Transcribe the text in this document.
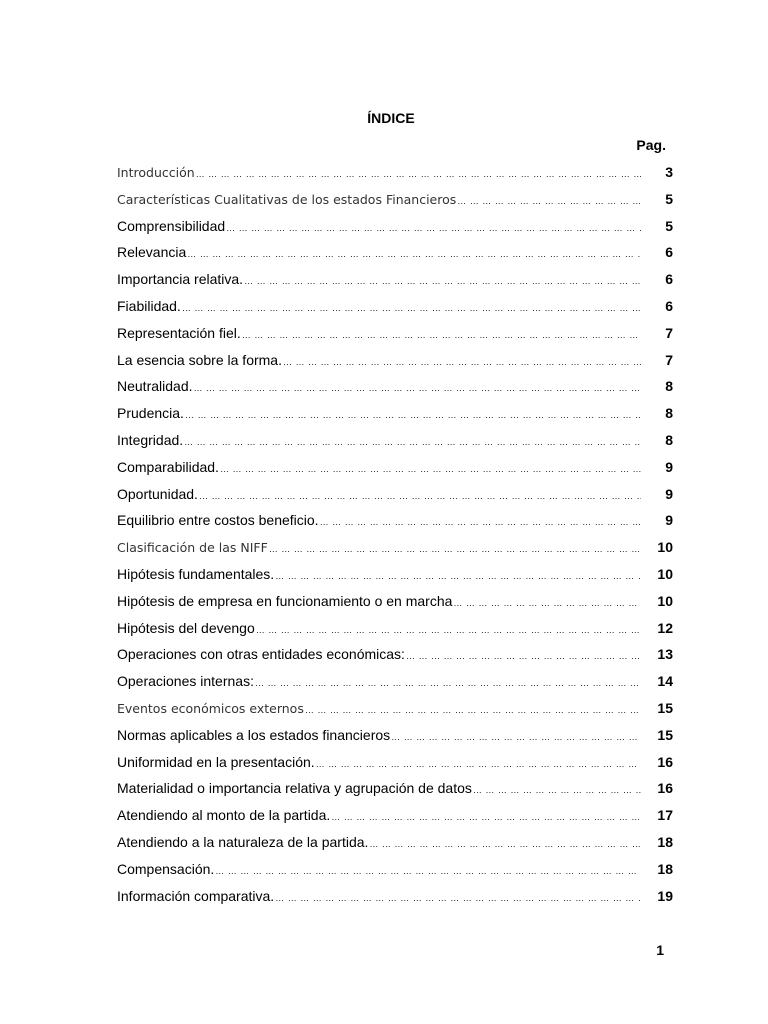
ÍNDICE
Pag.
Introducción … … … … … … … … … … … … … … … … … … … … … … … … … … … … … … … … … … … … … … … … … … … … … … … … … … … … … … … … … … … … … …	3
Características Cualitativas de los estados Financieros … … … … … … … … … … … … … … … … … … … … … … … … … … … … … … … … … … … … … … … … … … … … … … … … … … … … … … … … … … … … … …	5
Comprensibilidad … … … … … … … … … … … … … … … … … … … … … … … … … … … … … … … … … … … … … … … … … … … … … … … … … … … … … … … … … … … … … …	5
Relevancia … … … … … … … … … … … … … … … … … … … … … … … … … … … … … … … … … … … … … … … … … … … … … … … … … … … … … … … … … … … … … …	6
Importancia relativa. … … … … … … … … … … … … … … … … … … … … … … … … … … … … … … … … … … … … … … … … … … … … … … … … … … … … … … … … … … … … … …	6
Fiabilidad. … … … … … … … … … … … … … … … … … … … … … … … … … … … … … … … … … … … … … … … … … … … … … … … … … … … … … … … … … … … … … …	6
Representación fiel. … … … … … … … … … … … … … … … … … … … … … … … … … … … … … … … … … … … … … … … … … … … … … … … … … … … … … … … … … … … … … …	7
La esencia sobre la forma. … … … … … … … … … … … … … … … … … … … … … … … … … … … … … … … … … … … … … … … … … … … … … … … … … … … … … … … … … … … … … …	7
Neutralidad. … … … … … … … … … … … … … … … … … … … … … … … … … … … … … … … … … … … … … … … … … … … … … … … … … … … … … … … … … … … … … …	8
Prudencia. … … … … … … … … … … … … … … … … … … … … … … … … … … … … … … … … … … … … … … … … … … … … … … … … … … … … … … … … … … … … … …	8
Integridad. … … … … … … … … … … … … … … … … … … … … … … … … … … … … … … … … … … … … … … … … … … … … … … … … … … … … … … … … … … … … … …	8
Comparabilidad. … … … … … … … … … … … … … … … … … … … … … … … … … … … … … … … … … … … … … … … … … … … … … … … … … … … … … … … … … … … … … …	9
Oportunidad. … … … … … … … … … … … … … … … … … … … … … … … … … … … … … … … … … … … … … … … … … … … … … … … … … … … … … … … … … … … … … …	9
Equilibrio entre costos beneficio. … … … … … … … … … … … … … … … … … … … … … … … … … … … … … … … … … … … … … … … … … … … … … … … … … … … … … … … … … … … … … …	9
Clasificación de las NIFF … … … … … … … … … … … … … … … … … … … … … … … … … … … … … … … … … … … … … … … … … … … … … … … … … … … … … … … … … … … … … …	10
Hipótesis fundamentales. … … … … … … … … … … … … … … … … … … … … … … … … … … … … … … … … … … … … … … … … … … … … … … … … … … … … … … … … … … … … … …	10
Hipótesis de empresa en funcionamiento o en marcha … … … … … … … … … … … … … … … … … … … … … … … … … … … … … … … … … … … … … … … … … … … … … … … … … … … … … … … … … … … … … …	10
Hipótesis del devengo … … … … … … … … … … … … … … … … … … … … … … … … … … … … … … … … … … … … … … … … … … … … … … … … … … … … … … … … … … … … … …	12
Operaciones con otras entidades económicas: … … … … … … … … … … … … … … … … … … … … … … … … … … … … … … … … … … … … … … … … … … … … … … … … … … … … … … … … … … … … … …	13
Operaciones internas: … … … … … … … … … … … … … … … … … … … … … … … … … … … … … … … … … … … … … … … … … … … … … … … … … … … … … … … … … … … … … …	14
Eventos económicos externos … … … … … … … … … … … … … … … … … … … … … … … … … … … … … … … … … … … … … … … … … … … … … … … … … … … … … … … … … … … … … …	15
Normas aplicables a los estados financieros … … … … … … … … … … … … … … … … … … … … … … … … … … … … … … … … … … … … … … … … … … … … … … … … … … … … … … … … … … … … … …	15
Uniformidad en la presentación. … … … … … … … … … … … … … … … … … … … … … … … … … … … … … … … … … … … … … … … … … … … … … … … … … … … … … … … … … … … … … …	16
Materialidad o importancia relativa y agrupación de datos … … … … … … … … … … … … … … … … … … … … … … … … … … … … … … … … … … … … … … … … … … … … … … … … … … … … … … … … … … … … … …	16
Atendiendo al monto de la partida. … … … … … … … … … … … … … … … … … … … … … … … … … … … … … … … … … … … … … … … … … … … … … … … … … … … … … … … … … … … … … …	17
Atendiendo a la naturaleza de la partida. … … … … … … … … … … … … … … … … … … … … … … … … … … … … … … … … … … … … … … … … … … … … … … … … … … … … … … … … … … … … … …	18
Compensación. … … … … … … … … … … … … … … … … … … … … … … … … … … … … … … … … … … … … … … … … … … … … … … … … … … … … … … … … … … … … … …	18
Información comparativa. … … … … … … … … … … … … … … … … … … … … … … … … … … … … … … … … … … … … … … … … … … … … … … … … … … … … … … … … … … … … … …	19
1
